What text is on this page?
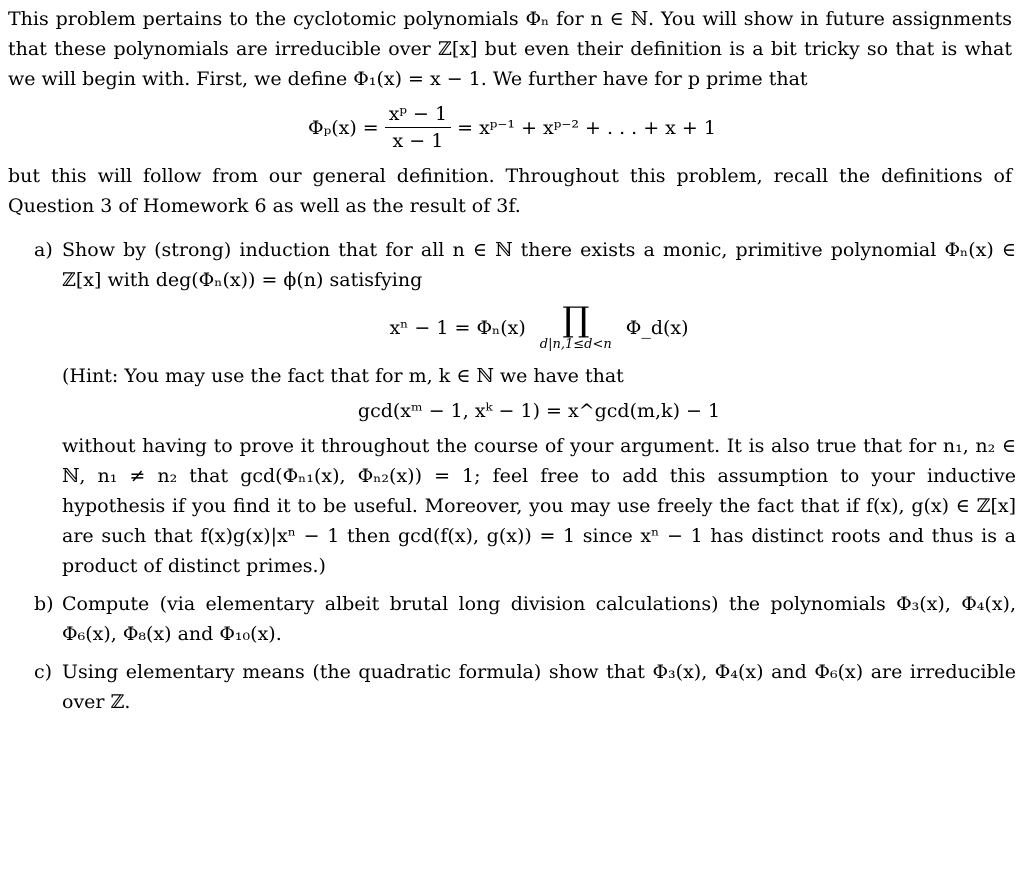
This problem pertains to the cyclotomic polynomials Φₙ for n ∈ ℕ. You will show in future assignments that these polynomials are irreducible over ℤ[x] but even their definition is a bit tricky so that is what we will begin with. First, we define Φ₁(x) = x − 1. We further have for p prime that

$\Phi_p(x) = \frac{\text{xᵖ − 1}}{x - 1}$ = xᵖ⁻¹ + xᵖ⁻² + . . . + x + 1

but this will follow from our general definition. Throughout this problem, recall the definitions of Question 3 of Homework 6 as well as the result of 3f.

a) Show by (strong) induction that for all n ∈ ℕ there exists a monic, primitive polynomial Φₙ(x) ∈ ℤ[x] with deg(Φₙ(x)) = ϕ(n) satisfying

xⁿ − 1 = Φₙ(x) ∏
d|n,1≤d<n
Φ_d(x)

(Hint: You may use the fact that for m, k ∈ ℕ we have that

gcd(xᵐ − 1, xᵏ − 1) = x^gcd(m,k) − 1

without having to prove it throughout the course of your argument. It is also true that for n₁, n₂ ∈ ℕ, n₁ ≠ n₂ that gcd(Φₙ₁(x), Φₙ₂(x)) = 1; feel free to add this assumption to your inductive hypothesis if you find it to be useful. Moreover, you may use freely the fact that if f(x), g(x) ∈ ℤ[x] are such that f(x)g(x)|xⁿ − 1 then gcd(f(x), g(x)) = 1 since xⁿ − 1 has distinct roots and thus is a product of distinct primes.)

b) Compute (via elementary albeit brutal long division calculations) the polynomials Φ₃(x), Φ₄(x), Φ₆(x), Φ₈(x) and Φ₁₀(x).

c) Using elementary means (the quadratic formula) show that Φ₃(x), Φ₄(x) and Φ₆(x) are irreducible over ℤ.
